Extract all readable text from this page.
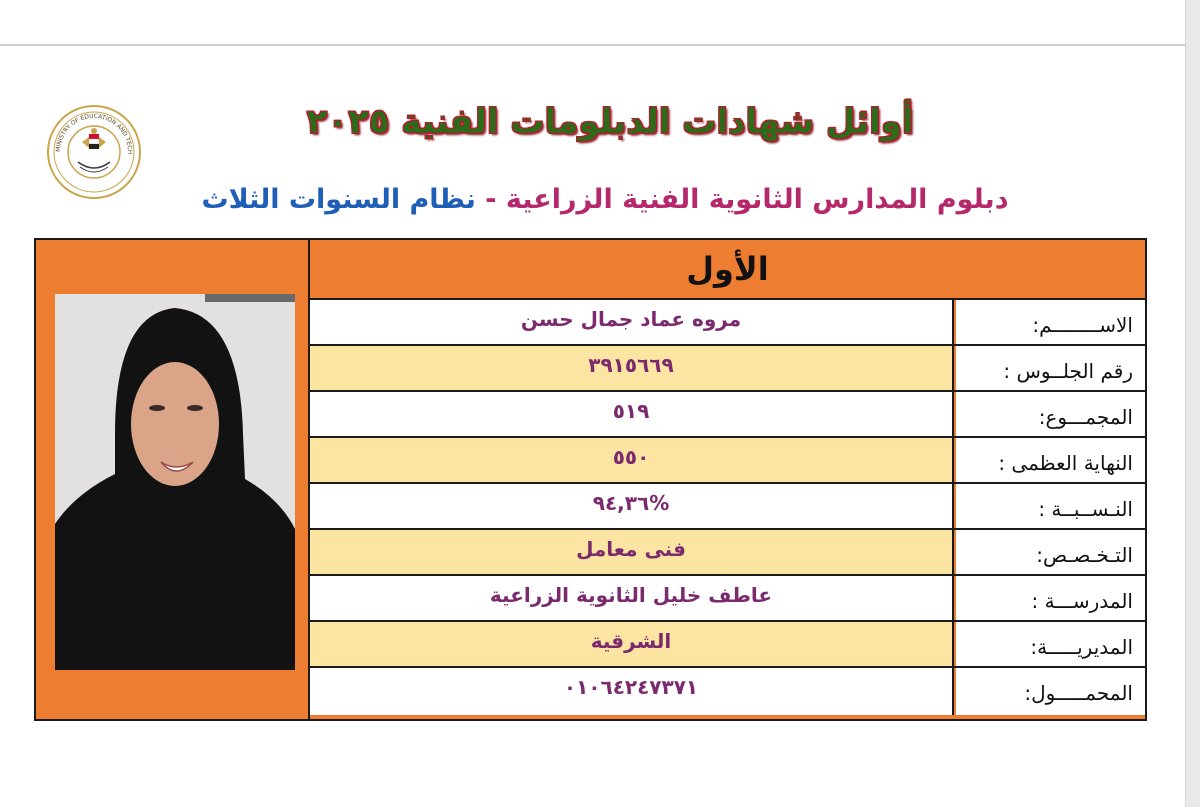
MINISTRY OF EDUCATION AND TECH
أوائل شهادات الدبلومات الفنية ٢٠٢٥
دبلوم المدارس الثانوية الفنية الزراعية - نظام السنوات الثلاث
الأول
مروه عماد جمال حسن	الاســــــــم:
٣٩١٥٦٦٩	رقم الجلــوس :
٥١٩	المجمـــوع:
٥٥٠	النهاية العظمى :
%٩٤,٣٦	النـســبــة :
فنى معامل	التـخـصـص:
عاطف خليل الثانوية الزراعية	المدرســـة :
الشرقية	المديريـــــة:
٠١٠٦٤٢٤٧٣٧١	المحمـــــول:
